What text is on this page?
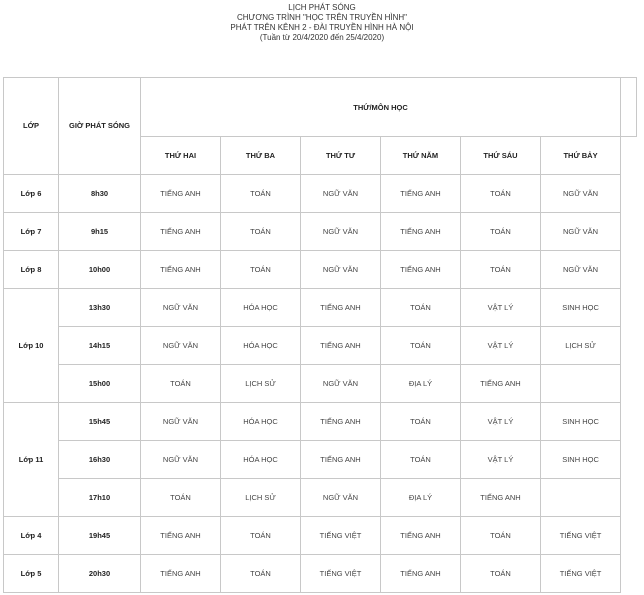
LỊCH PHÁT SÓNG
CHƯƠNG TRÌNH "HỌC TRÊN TRUYỀN HÌNH"
PHÁT TRÊN KÊNH 2 - ĐÀI TRUYỀN HÌNH HÀ NỘI
(Tuần từ 20/4/2020 đến 25/4/2020)
LỚP	GIỜ PHÁT SÓNG	THỨ/MÔN HỌC						
		THỨ HAI	THỨ BA	THỨ TƯ	THỨ NĂM	THỨ SÁU	THỨ BẢY	
Lớp 6	8h30	TIẾNG ANH	TOÁN	NGỮ VĂN	TIẾNG ANH	TOÁN	NGỮ VĂN	
Lớp 7	9h15	TIẾNG ANH	TOÁN	NGỮ VĂN	TIẾNG ANH	TOÁN	NGỮ VĂN	
Lớp 8	10h00	TIẾNG ANH	TOÁN	NGỮ VĂN	TIẾNG ANH	TOÁN	NGỮ VĂN	
Lớp 10	13h30	NGỮ VĂN	HÓA HỌC	TIẾNG ANH	TOÁN	VẬT LÝ	SINH HỌC	
	14h15	NGỮ VĂN	HÓA HỌC	TIẾNG ANH	TOÁN	VẬT LÝ	LỊCH SỬ	
	15h00	TOÁN	LỊCH SỬ	NGỮ VĂN	ĐỊA LÝ	TIẾNG ANH		
Lớp 11	15h45	NGỮ VĂN	HÓA HỌC	TIẾNG ANH	TOÁN	VẬT LÝ	SINH HỌC	
	16h30	NGỮ VĂN	HÓA HỌC	TIẾNG ANH	TOÁN	VẬT LÝ	SINH HỌC	
	17h10	TOÁN	LỊCH SỬ	NGỮ VĂN	ĐỊA LÝ	TIẾNG ANH		
Lớp 4	19h45	TIẾNG ANH	TOÁN	TIẾNG VIỆT	TIẾNG ANH	TOÁN	TIẾNG VIỆT	
Lớp 5	20h30	TIẾNG ANH	TOÁN	TIẾNG VIỆT	TIẾNG ANH	TOÁN	TIẾNG VIỆT	
